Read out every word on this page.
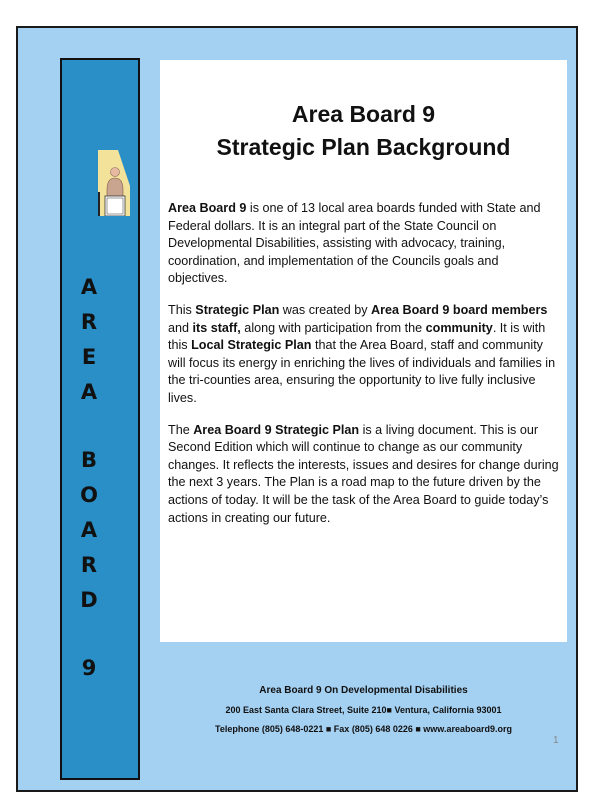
A
R
E
A
B
O
A
R
D
9
Area Board 9
Strategic Plan Background

Area Board 9 is one of 13 local area boards funded with State and Federal dollars. It is an integral part of the State Council on Developmental Disabilities, assisting with advocacy, training, coordination, and implementation of the Councils goals and objectives.

This Strategic Plan was created by Area Board 9 board members and its staff, along with participation from the community. It is with this Local Strategic Plan that the Area Board, staff and community will focus its energy in enriching the lives of individuals and families in the tri-counties area, ensuring the opportunity to live fully inclusive lives.

The Area Board 9 Strategic Plan is a living document. This is our Second Edition which will continue to change as our community changes. It reflects the interests, issues and desires for change during the next 3 years. The Plan is a road map to the future driven by the actions of today. It will be the task of the Area Board to guide today’s actions in creating our future.

Area Board 9 On Developmental Disabilities
200 East Santa Clara Street, Suite 210■ Ventura, California 93001
Telephone (805) 648-0221 ■ Fax (805) 648 0226 ■ www.areaboard9.org
1
